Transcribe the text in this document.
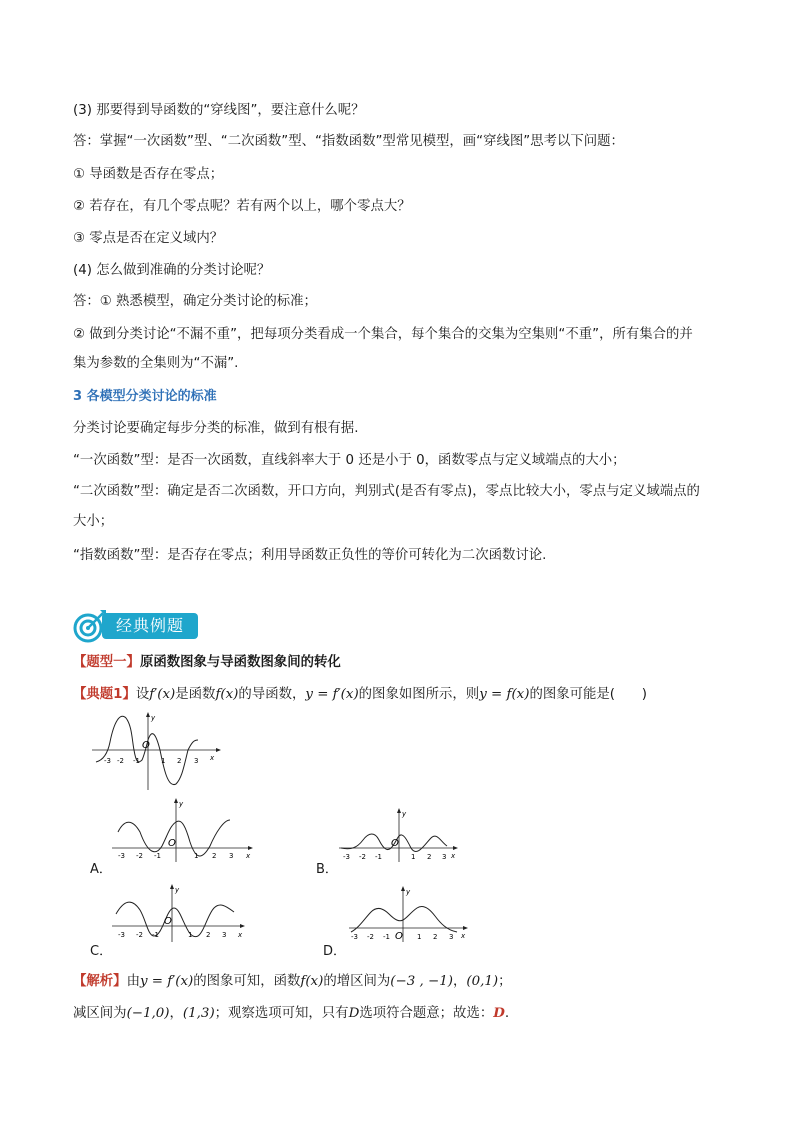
(3) 那要得到导函数的“穿线图”，要注意什么呢？
答：掌握“一次函数”型、“二次函数”型、“指数函数”型常见模型，画“穿线图”思考以下问题：
① 导函数是否存在零点；
② 若存在，有几个零点呢？若有两个以上，哪个零点大？
③ 零点是否在定义域内？
(4) 怎么做到准确的分类讨论呢？
答：① 熟悉模型，确定分类讨论的标准；
② 做到分类讨论“不漏不重”，把每项分类看成一个集合，每个集合的交集为空集则“不重”，所有集合的并
集为参数的全集则为“不漏”.
3 各模型分类讨论的标准
分类讨论要确定每步分类的标准，做到有根有据.
“一次函数”型：是否一次函数，直线斜率大于 0 还是小于 0，函数零点与定义域端点的大小；
“二次函数”型：确定是否二次函数，开口方向，判别式(是否有零点)，零点比较大小，零点与定义域端点的
大小；
“指数函数”型：是否存在零点；利用导函数正负性的等价可转化为二次函数讨论.
经典例题
【题型一】原函数图象与导函数图象间的转化
【典题1】设f′(x)是函数f(x)的导函数，y = f′(x)的图象如图所示，则y = f(x)的图象可能是(　　)
-3 -2 -1	1 2 3
O
x
y
-3 -2 -1	1 2 3
O
x
y
A．
-3 -2 -1	1 2 3
O
x
y
B．
-3 -2 -1	1 2 3
O
x
y
C．
-3 -2 -1	1 2 3
O	x
y
D．
【解析】由y = f′(x)的图象可知，函数f(x)的增区间为(−3 , −1)，(0,1)；
减区间为(−1,0)，(1,3)；观察选项可知，只有D选项符合题意；故选：D.
